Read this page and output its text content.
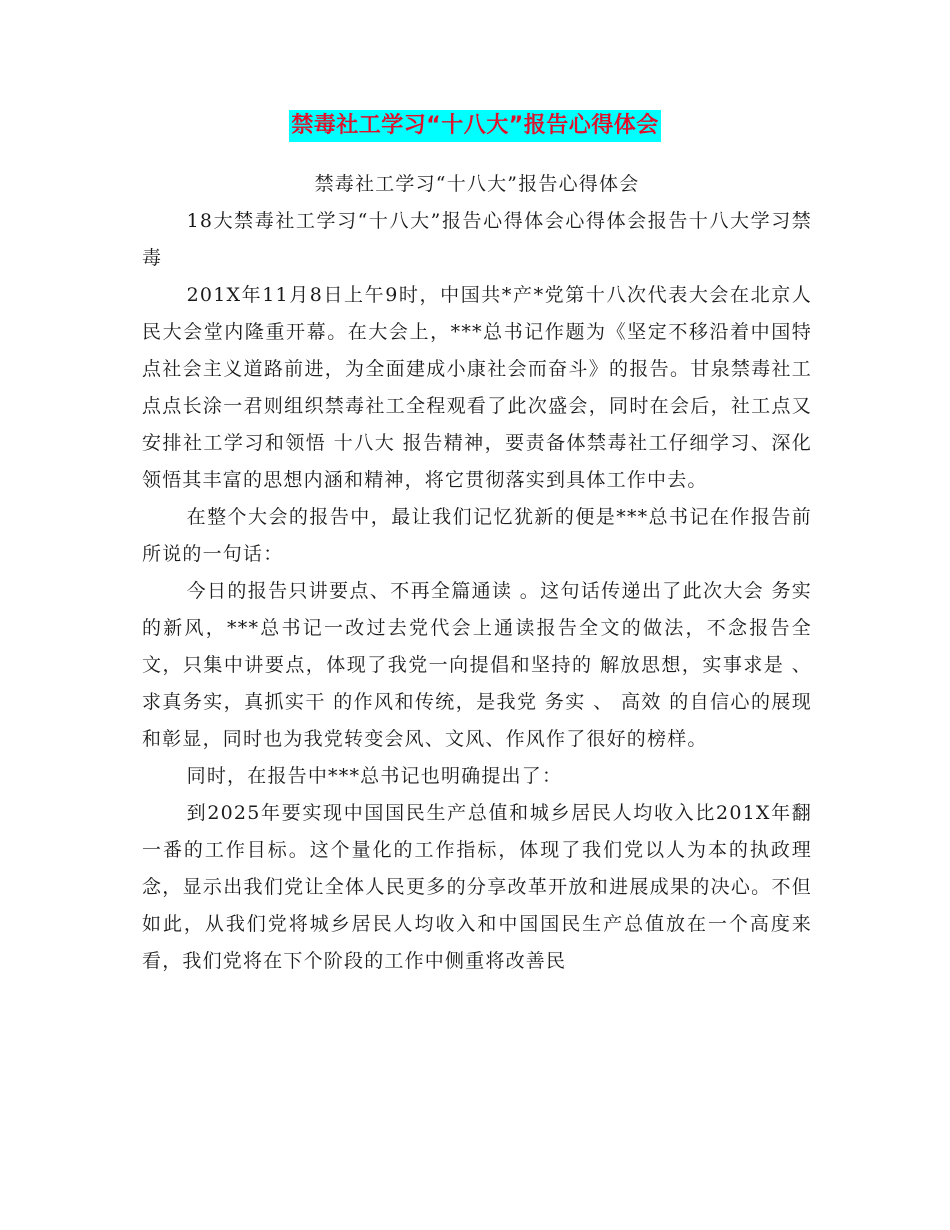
禁毒社工学习“十八大”报告心得体会

禁毒社工学习“十八大”报告心得体会

18大禁毒社工学习“十八大”报告心得体会心得体会报告十八大学习禁毒

201X年11月8日上午9时，中国共*产*党第十八次代表大会在北京人民大会堂内隆重开幕。在大会上，***总书记作题为《坚定不移沿着中国特点社会主义道路前进，为全面建成小康社会而奋斗》的报告。甘泉禁毒社工点点长涂一君则组织禁毒社工全程观看了此次盛会，同时在会后，社工点又安排社工学习和领悟 十八大 报告精神，要责备体禁毒社工仔细学习、深化领悟其丰富的思想内涵和精神，将它贯彻落实到具体工作中去。

在整个大会的报告中，最让我们记忆犹新的便是***总书记在作报告前所说的一句话：

今日的报告只讲要点、不再全篇通读 。这句话传递出了此次大会 务实 的新风，***总书记一改过去党代会上通读报告全文的做法，不念报告全文，只集中讲要点，体现了我党一向提倡和坚持的 解放思想，实事求是 、 求真务实，真抓实干 的作风和传统，是我党 务实 、 高效 的自信心的展现和彰显，同时也为我党转变会风、文风、作风作了很好的榜样。

同时，在报告中***总书记也明确提出了：

到2025年要实现中国国民生产总值和城乡居民人均收入比201X年翻一番的工作目标。这个量化的工作指标，体现了我们党以人为本的执政理念，显示出我们党让全体人民更多的分享改革开放和进展成果的决心。不但如此，从我们党将城乡居民人均收入和中国国民生产总值放在一个高度来看，我们党将在下个阶段的工作中侧重将改善民
